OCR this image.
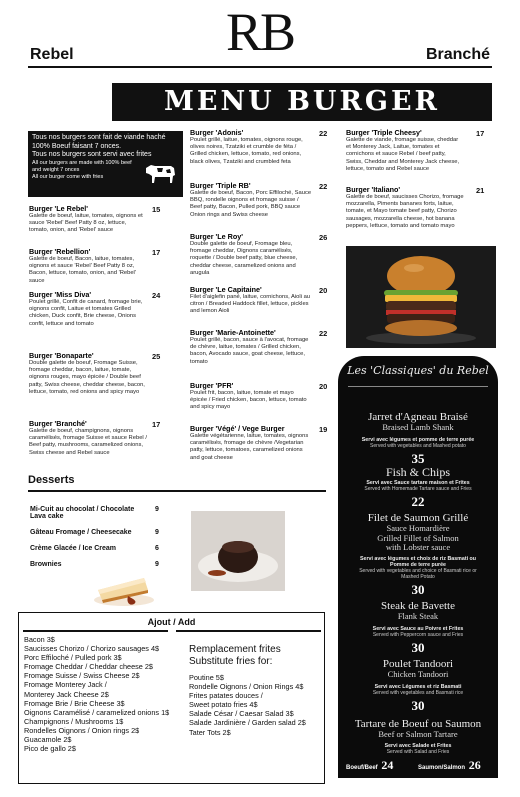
RB
Rebel	Branché
MENU BURGER
Tous nos burgers sont fait de viande haché 100% Boeuf faisant 7 onces.
Tous nos burgers sont servi avec frites
All our burgers are made with 100% beef and weight 7 onces
All our burger come with fries
Burger 'Le Rebel'
Galette de boeuf, laitue, tomates, oignons et sauce 'Rebel' Beef Patty 8 oz, lettuce, tomato, onion, and 'Rebel' sauce
15
Burger 'Rebellion'
Galette de boeuf, Bacon, laitue, tomates, oignons et sauce 'Rebel' Beef Patty 8 oz, Bacon, lettuce, tomato, onion, and 'Rebel' sauce
17
Burger 'Miss Diva'
Poulet grillé, Confit de canard, fromage brie, oignons confit, Laitue et tomates Grilled chicken, Duck confit, Brie cheese, Onions confit, lettuce and tomato
24
Burger 'Bonaparte'
Double galette de boeuf, Fromage Suisse, fromage cheddar, bacon, laitue, tomate, oignons rouges, mayo épicée / Double beef patty, Swiss cheese, cheddar cheese, bacon, lettuce, tomato, red onions and spicy mayo
25
Burger 'Branché'
Galette de boeuf, champignons, oignons caramélisés, fromage Suisse et sauce Rebel / Beef patty, mushrooms, caramelized onions, Swiss cheese and Rebel sauce
17
Burger 'Adonis'
Poulet grillé, laitue, tomates, oignons rouge, olives noires, Tzatziki et crumble de féta / Grilled chicken, lettuce, tomato, red onions, black olives, Tzatziki and crumbled feta
22
Burger 'Triple RB'
Galette de boeuf, Bacon, Porc Effiloché, Sauce BBQ, rondelle oignons et fromage suisse / Beef patty, Bacon, Pulled pork, BBQ sauce Onion rings and Swiss cheese
22
Burger 'Le Roy'
Double galette de boeuf, Fromage bleu, fromage cheddar, Oignons caramélisés, roquette / Double beef patty, blue cheese, cheddar cheese, caramelized onions and arugula
26
Burger 'Le Capitaine'
Filet d'aiglefin pané, laitue, cornichons, Aioli au citron / Breaded Haddock fillet, lettuce, pickles and lemon Aioli
20
Burger 'Marie-Antoinette'
Poulet grillé, bacon, sauce à l'avocat, fromage de chèvre, laitue, tomates / Grilled chicken, bacon, Avocado sauce, goat cheese, lettuce, tomato
22
Burger 'PFR'
Poulet frit, bacon, laitue, tomate et mayo épicée / Fried chicken, bacon, lettuce, tomato and spicy mayo
20
Burger 'Végé' / Vege Burger
Galette végétarienne, laitue, tomates, oignons caramélisés, fromage de chèvre /Vegetarian patty, lettuce, tomatoes, caramelized onions and goat cheese
19
Burger 'Triple Cheesy'
Galette de viande, fromage suisse, cheddar et Monterey Jack, Laitue, tomates et cornichons et sauce Rebel / beef patty, Swiss, Cheddar and Monterey Jack cheese, lettuce, tomato and Rebel sauce
17
Burger 'Italiano'
Galette de boeuf, saucisses Chorizo, fromage mozzarella, Piments bananes forts, laitue, tomate, et Mayo tomate beef patty, Chorizo sausages, mozzarella cheese, hot banana peppers, lettuce, tomato and tomato mayo
21
Desserts
Mi-Cuit au chocolat / Chocolate Lava cake
9
Gâteau Fromage / Cheesecake	9
Crème Glacée / Ice Cream	6
Brownies	9
Ajout / Add
Bacon 3$
Saucisses Chorizo / Chorizo sausages 4$
Porc Effiloché / Pulled pork 3$
Fromage Cheddar / Cheddar cheese 2$
Fromage Suisse / Swiss Cheese 2$
Fromage Monterey Jack /
Monterey Jack Cheese 2$
Fromage Brie / Brie Cheese 3$
Oignons Caramélisé / caramelized onions 1$
Champignons / Mushrooms 1$
Rondelles Oignons / Onion rings 2$
Guacamole 2$
Pico de gallo 2$
Remplacement frites
Substitute fries for:
Poutine 5$
Rondelle Oignons / Onion Rings 4$
Frites patates douces /
Sweet potato fries 4$
Salade César / Caesar Salad 3$
Salade Jardinière / Garden salad 2$
Tater Tots 2$
Les 'Classiques' du Rebel
Jarret d'Agneau Braisé
Braised Lamb Shank
Servi avec légumes et pomme de terre purée
Served with vegetables and Mashed potato
35
Fish & Chips
Servi avec Sauce tartare maison et Frites
Served with Homemade Tartare sauce and Fries
22
Filet de Saumon Grillé
Sauce Homardière
Grilled Fillet of Salmon
with Lobster sauce
Servi avec légumes et choix de riz Basmati ou Pomme de terre purée
Served with vegetables and choice of Basmati rice or Mashed Potato
30
Steak de Bavette
Flank Steak
Servi avec Sauce au Poivre et Frites
Served with Peppercorn sauce and Fries
30
Poulet Tandoori
Chicken Tandoori
Servi avec Légumes et riz Basmati
Served with vegetables and Basmati rice
30
Tartare de Boeuf ou Saumon
Beef or Salmon Tartare
Servi avec Salade et Frites
Served with Salad and Fries
Boeuf/Beef 24	Saumon/Salmon 26
